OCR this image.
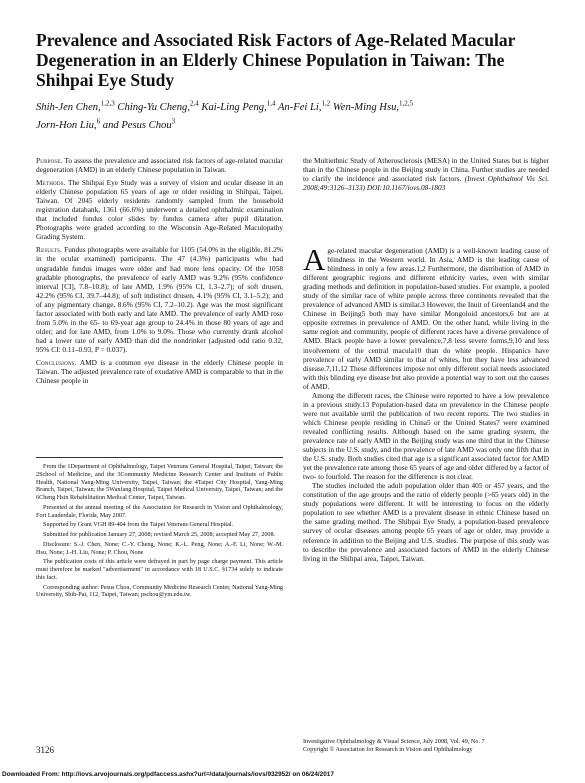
Prevalence and Associated Risk Factors of Age-Related Macular Degeneration in an Elderly Chinese Population in Taiwan: The Shihpai Eye Study
Shih-Jen Chen,$^{1,2,3}$ Ching-Yu Cheng,$^{2,4}$ Kai-Ling Peng,$^{1,4}$ An-Fei Li,$^{1,2}$ Wen-Ming Hsu,$^{1,2,5}$
Jorn-Hon Liu,$^6$ and Pesus Chou$^3$

Purpose. To assess the prevalence and associated risk factors of age-related macular degeneration (AMD) in an elderly Chinese population in Taiwan.

Methods. The Shihpai Eye Study was a survey of vision and ocular disease in an elderly Chinese population 65 years of age or older residing in Shihpai, Taipei, Taiwan. Of 2045 elderly residents randomly sampled from the household registration databank, 1361 (66.6%) underwent a detailed ophthalmic examination that included fundus color slides by fundus camera after pupil dilatation. Photographs were graded according to the Wisconsin Age-Related Maculopathy Grading System.

Results. Fundus photographs were available for 1105 (54.0% in the eligible, 81.2% in the ocular examined) participants. The 47 (4.3%) participants who had ungradable fundus images were older and had more lens opacity. Of the 1058 gradable photographs, the prevalence of early AMD was 9.2% (95% confidence interval [CI], 7.8–10.8); of late AMD, 1.9% (95% CI, 1.3–2.7); of soft drusen, 42.2% (95% CI, 39.7–44.8); of soft indistinct drusen, 4.1% (95% CI, 3.1–5.2); and of any pigmentary change, 8.6% (95% CI, 7.2–10.2). Age was the most significant factor associated with both early and late AMD. The prevalence of early AMD rose from 5.0% in the 65- to 69-year age group to 24.4% in those 80 years of age and older; and for late AMD, from 1.0% to 9.0%. Those who currently drank alcohol had a lower rate of early AMD than did the nondrinker (adjusted odd ratio 0.32, 95% CI: 0.11–0.93, P = 0.037).

Conclusions. AMD is a common eye disease in the elderly Chinese people in Taiwan. The adjusted prevalence rate of exudative AMD is comparable to that in the Chinese people in

From the 1Department of Ophthalmology, Taipei Veterans General Hospital, Taipei, Taiwan; the 2School of Medicine, and the 3Community Medicine Research Center and Institute of Public Health, National Yang-Ming University, Taipei, Taiwan; the 4Taipei City Hospital, Yang-Ming Branch, Taipei, Taiwan; the 5Wanfang Hospital, Taipei Medical University, Taipei, Taiwan; and the 6Cheng Hsin Rehabilitation Medical Center, Taipei, Taiwan.

Presented at the annual meeting of the Association for Research in Vision and Ophthalmology, Fort Lauderdale, Florida, May 2007.

Supported by Grant VGH 89-404 from the Taipei Veterans General Hospital.

Submitted for publication January 27, 2008; revised March 25, 2008; accepted May 27, 2008.

Disclosure: S.-J. Chen, None; C.-Y. Cheng, None; K.-L. Peng, None; A.-F. Li, None; W.-M. Hsu, None; J.-H. Liu, None; P. Chou, None

The publication costs of this article were defrayed in part by page charge payment. This article must therefore be marked "advertisement" in accordance with 18 U.S.C. §1734 solely to indicate this fact.

Corresponding author: Pesus Chou, Community Medicine Research Center, National Yang-Ming University, Shih-Pai, 112, Taipei, Taiwan; pschou@ym.edu.tw.

the Multiethnic Study of Atherosclerosis (MESA) in the United States but is higher than in the Chinese people in the Beijing study in China. Further studies are needed to clarify the incidence and associated risk factors. (Invest Ophthalmol Vis Sci. 2008;49:3126–3133) DOI:10.1167/iovs.08-1803

Age-related macular degeneration (AMD) is a well-known leading cause of blindness in the Western world. In Asia, AMD is the leading cause of blindness in only a few areas.1,2 Furthermore, the distribution of AMD in different geographic regions and different ethnicity varies, even with similar grading methods and definition in population-based studies. For example, a pooled study of the similar race of white people across three continents revealed that the prevalence of advanced AMD is similar.3 However, the Inuit of Greenland4 and the Chinese in Beijing5 both may have similar Mongoloid ancestors,6 but are at opposite extremes in prevalence of AMD. On the other hand, while living in the same region and community, people of different races have a diverse prevalence of AMD. Black people have a lower prevalence,7,8 less severe forms,9,10 and less involvement of the central macula10 than do white people. Hispanics have prevalence of early AMD similar to that of whites, but they have less advanced disease.7,11,12 These differences impose not only different social needs associated with this blinding eye disease but also provide a potential way to sort out the causes of AMD.

Among the different races, the Chinese were reported to have a low prevalence in a previous study.13 Population-based data on prevalence in the Chinese people were not available until the publication of two recent reports. The two studies in which Chinese people residing in China5 or the United States7 were examined revealed conflicting results. Although based on the same grading system, the prevalence rate of early AMD in the Beijing study was one third that in the Chinese subjects in the U.S. study, and the prevalence of late AMD was only one fifth that in the U.S. study. Both studies cited that age is a significant associated factor for AMD yet the prevalence rate among those 65 years of age and older differed by a factor of two- to fourfold. The reason for the difference is not clear.

The studies included the adult population older than 405 or 457 years, and the constitution of the age groups and the ratio of elderly people (>65 years old) in the study populations were different. It will be interesting to focus on the elderly population to see whether AMD is a prevalent disease in ethnic Chinese based on the same grading method. The Shihpai Eye Study, a population-based prevalence survey of ocular diseases among people 65 years of age or older, may provide a reference in addition to the Beijing and U.S. studies. The purpose of this study was to describe the prevalence and associated factors of AMD in the elderly Chinese living in the Shihpai area, Taipei, Taiwan.

3126
Investigative Ophthalmology & Visual Science, July 2008, Vol. 49, No. 7
Copyright © Association for Research in Vision and Ophthalmology
Downloaded From: http://iovs.arvojournals.org/pdfaccess.ashx?url=/data/journals/iovs/932952/ on 06/24/2017
